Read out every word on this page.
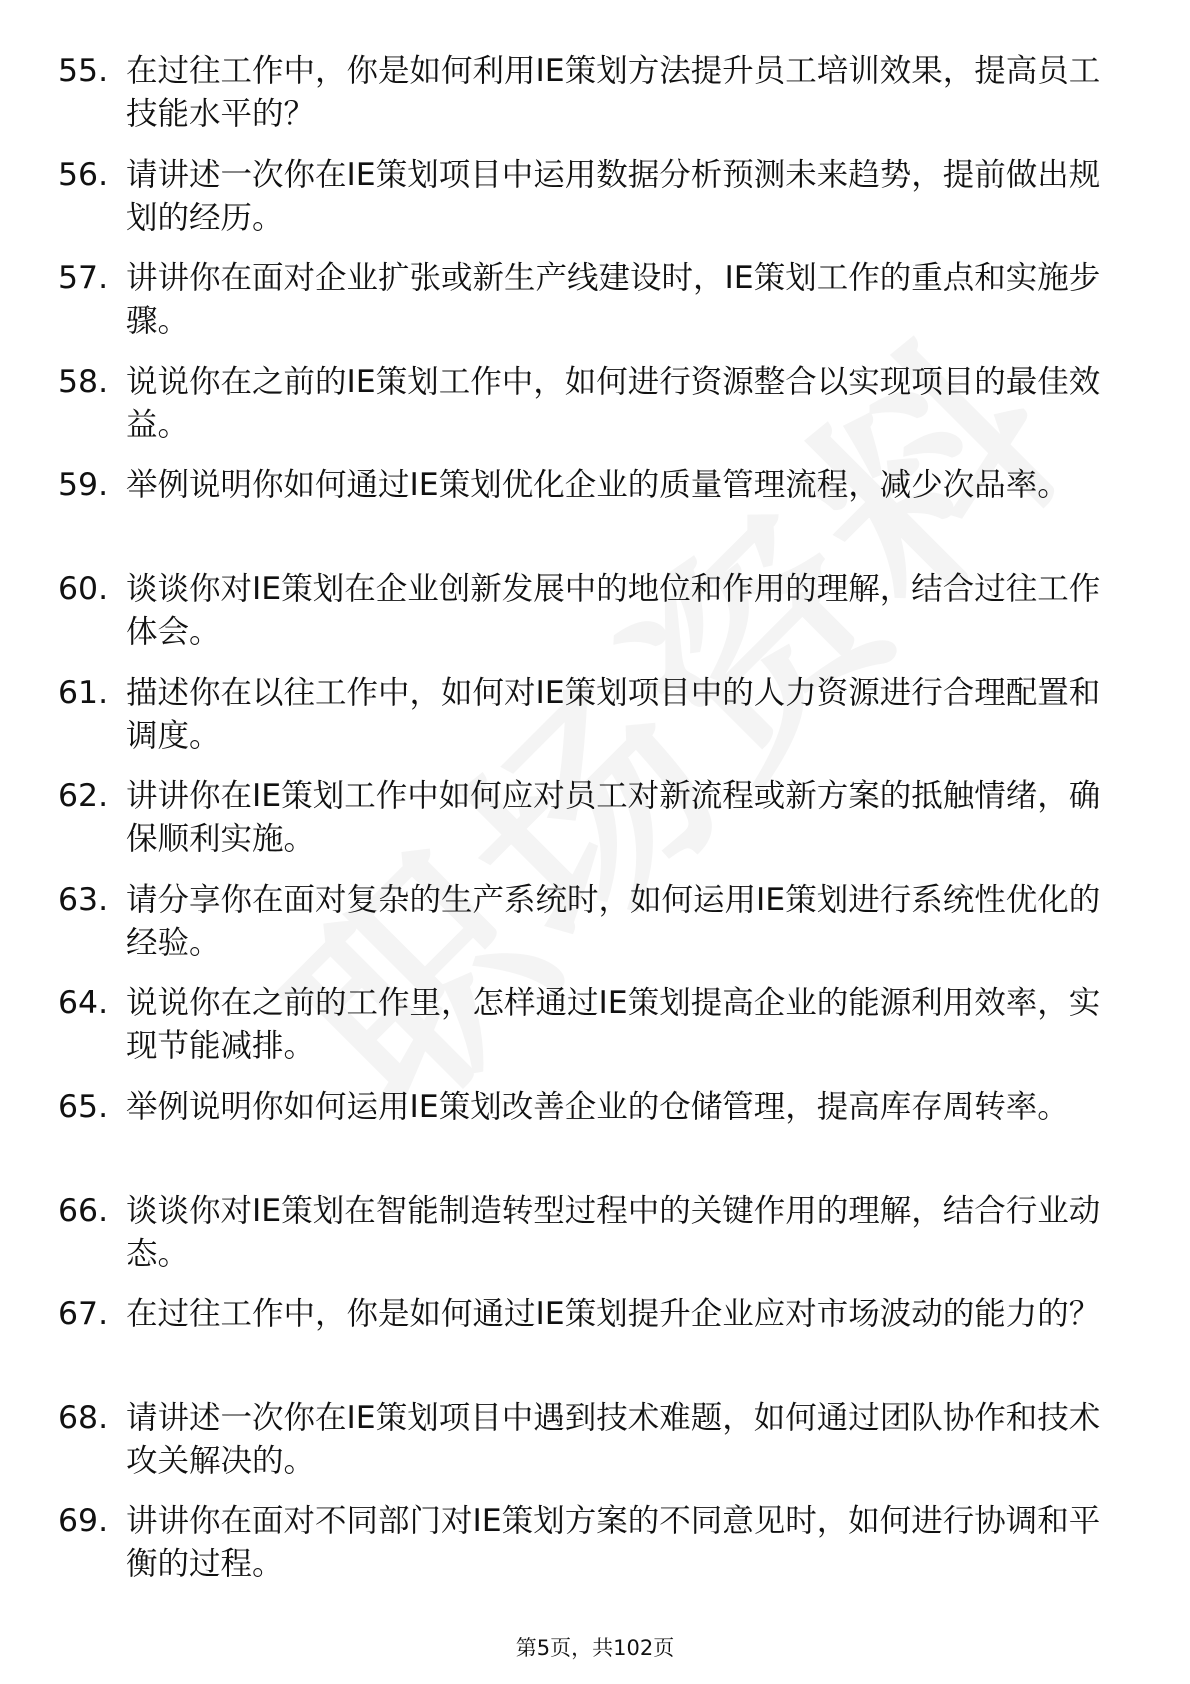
55. 在过往工作中，你是如何利用IE策划方法提升员工培训效果，提高员工技能水平的？
56. 请讲述一次你在IE策划项目中运用数据分析预测未来趋势，提前做出规划的经历。
57. 讲讲你在面对企业扩张或新生产线建设时，IE策划工作的重点和实施步骤。
58. 说说你在之前的IE策划工作中，如何进行资源整合以实现项目的最佳效益。
59. 举例说明你如何通过IE策划优化企业的质量管理流程，减少次品率。
60. 谈谈你对IE策划在企业创新发展中的地位和作用的理解，结合过往工作体会。
61. 描述你在以往工作中，如何对IE策划项目中的人力资源进行合理配置和调度。
62. 讲讲你在IE策划工作中如何应对员工对新流程或新方案的抵触情绪，确保顺利实施。
63. 请分享你在面对复杂的生产系统时，如何运用IE策划进行系统性优化的经验。
64. 说说你在之前的工作里，怎样通过IE策划提高企业的能源利用效率，实现节能减排。
65. 举例说明你如何运用IE策划改善企业的仓储管理，提高库存周转率。
66. 谈谈你对IE策划在智能制造转型过程中的关键作用的理解，结合行业动态。
67. 在过往工作中，你是如何通过IE策划提升企业应对市场波动的能力的？
68. 请讲述一次你在IE策划项目中遇到技术难题，如何通过团队协作和技术攻关解决的。
69. 讲讲你在面对不同部门对IE策划方案的不同意见时，如何进行协调和平衡的过程。
第5页，共102页
